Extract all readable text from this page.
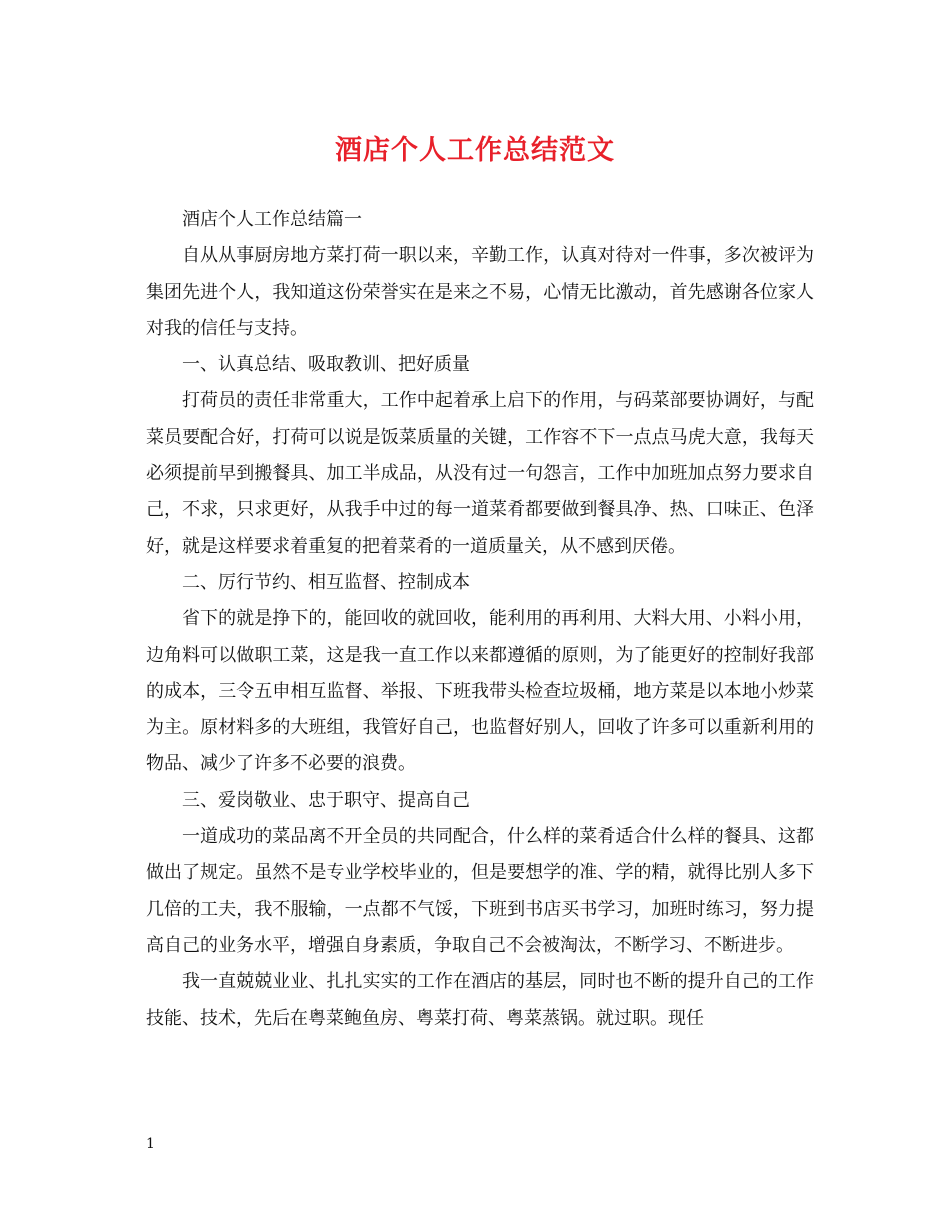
酒店个人工作总结范文

酒店个人工作总结篇一

自从从事厨房地方菜打荷一职以来，辛勤工作，认真对待对一件事，多次被评为集团先进个人，我知道这份荣誉实在是来之不易，心情无比激动，首先感谢各位家人对我的信任与支持。

一、认真总结、吸取教训、把好质量

打荷员的责任非常重大，工作中起着承上启下的作用，与码菜部要协调好，与配菜员要配合好，打荷可以说是饭菜质量的关键，工作容不下一点点马虎大意，我每天必须提前早到搬餐具、加工半成品，从没有过一句怨言，工作中加班加点努力要求自己，不求，只求更好，从我手中过的每一道菜肴都要做到餐具净、热、口味正、色泽好，就是这样要求着重复的把着菜肴的一道质量关，从不感到厌倦。

二、厉行节约、相互监督、控制成本

省下的就是挣下的，能回收的就回收，能利用的再利用、大料大用、小料小用，边角料可以做职工菜，这是我一直工作以来都遵循的原则，为了能更好的控制好我部的成本，三令五申相互监督、举报、下班我带头检查垃圾桶，地方菜是以本地小炒菜为主。原材料多的大班组，我管好自己，也监督好别人，回收了许多可以重新利用的物品、减少了许多不必要的浪费。

三、爱岗敬业、忠于职守、提高自己

一道成功的菜品离不开全员的共同配合，什么样的菜肴适合什么样的餐具、这都做出了规定。虽然不是专业学校毕业的，但是要想学的准、学的精，就得比别人多下几倍的工夫，我不服输，一点都不气馁，下班到书店买书学习，加班时练习，努力提高自己的业务水平，增强自身素质，争取自己不会被淘汰，不断学习、不断进步。

我一直兢兢业业、扎扎实实的工作在酒店的基层，同时也不断的提升自己的工作技能、技术，先后在粤菜鲍鱼房、粤菜打荷、粤菜蒸锅。就过职。现任

1
